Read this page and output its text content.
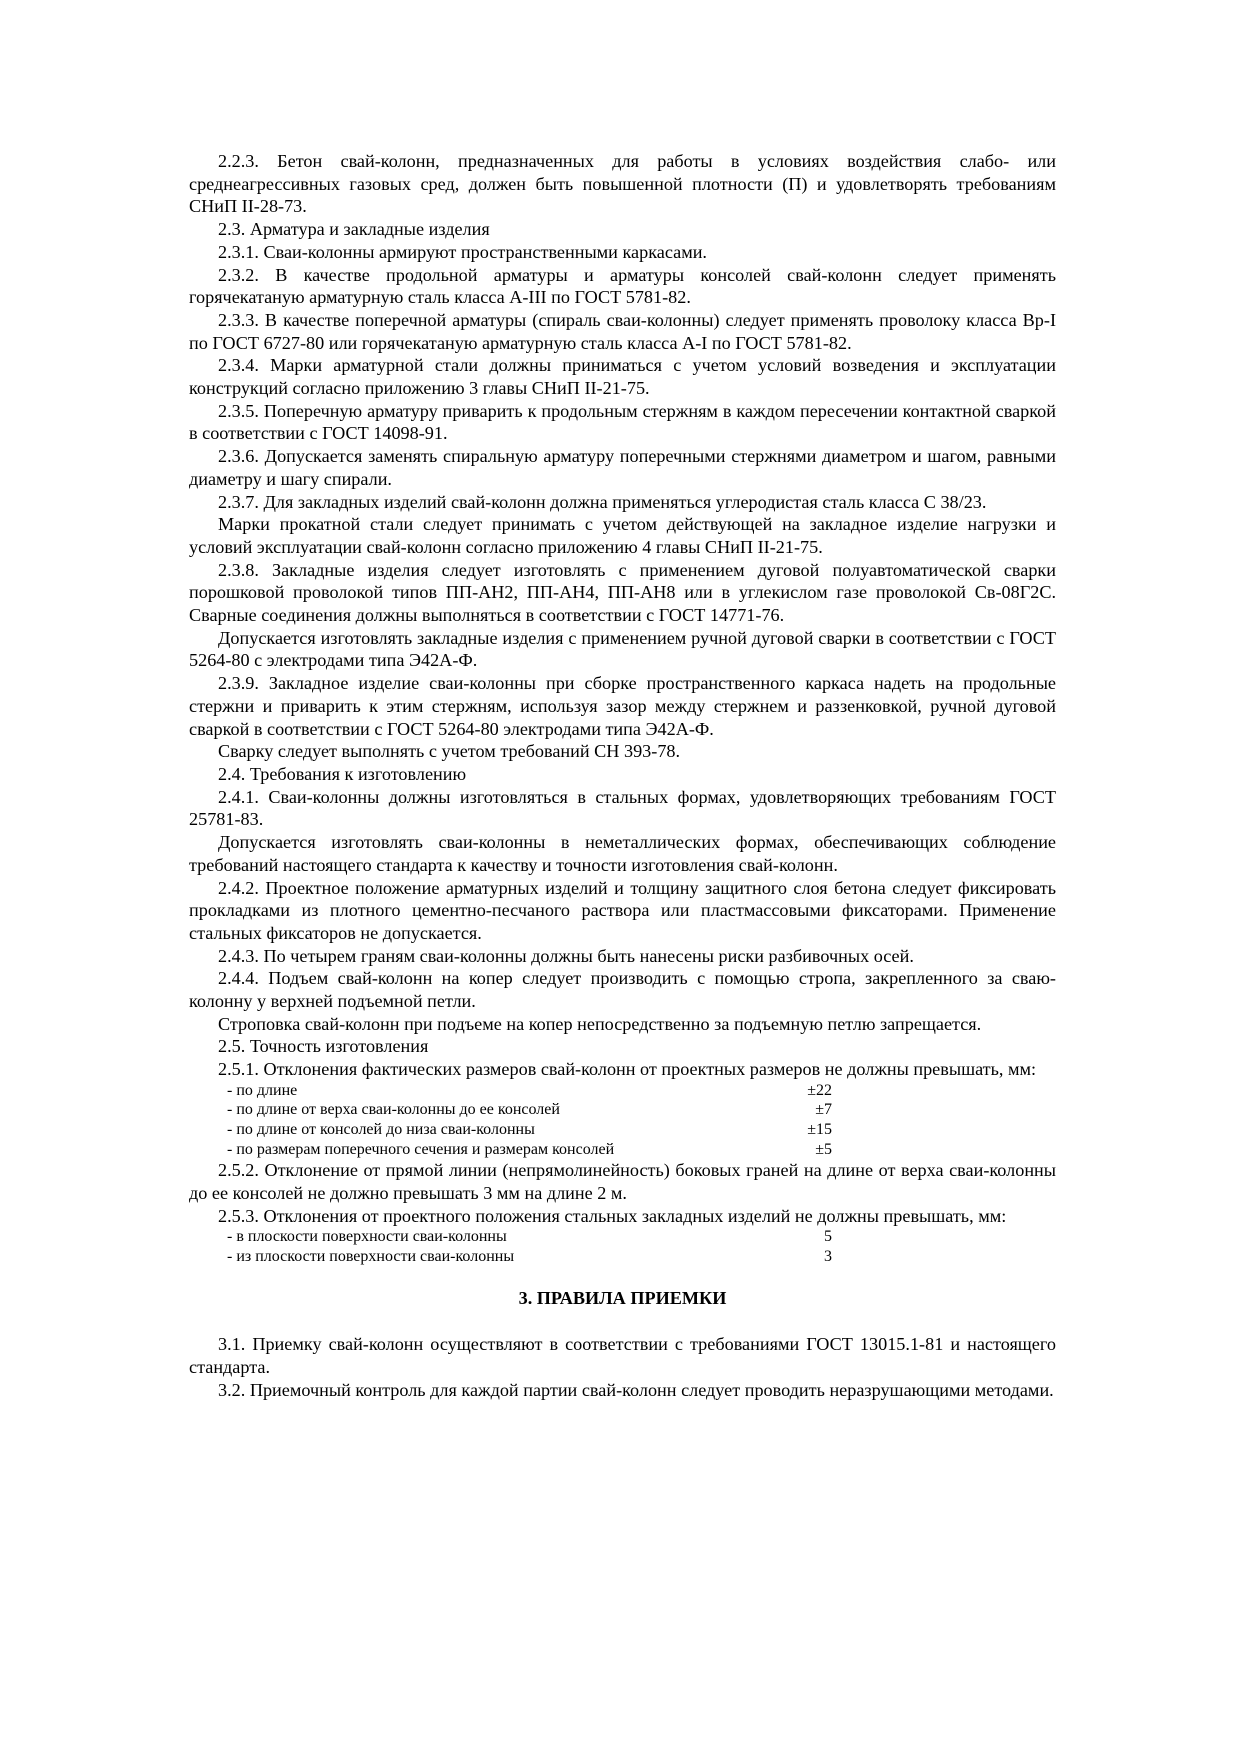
2.2.3. Бетон свай-колонн, предназначенных для работы в условиях воздействия слабо- или среднеагрессивных газовых сред, должен быть повышенной плотности (П) и удовлетворять требованиям СНиП II-28-73.

2.3. Арматура и закладные изделия

2.3.1. Сваи-колонны армируют пространственными каркасами.

2.3.2. В качестве продольной арматуры и арматуры консолей свай-колонн следует применять горячекатаную арматурную сталь класса A-III по ГОСТ 5781-82.

2.3.3. В качестве поперечной арматуры (спираль сваи-колонны) следует применять проволоку класса Вр-I по ГОСТ 6727-80 или горячекатаную арматурную сталь класса A-I по ГОСТ 5781-82.

2.3.4. Марки арматурной стали должны приниматься с учетом условий возведения и эксплуатации конструкций согласно приложению 3 главы СНиП II-21-75.

2.3.5. Поперечную арматуру приварить к продольным стержням в каждом пересечении контактной сваркой в соответствии с ГОСТ 14098-91.

2.3.6. Допускается заменять спиральную арматуру поперечными стержнями диаметром и шагом, равными диаметру и шагу спирали.

2.3.7. Для закладных изделий свай-колонн должна применяться углеродистая сталь класса С 38/23.

Марки прокатной стали следует принимать с учетом действующей на закладное изделие нагрузки и условий эксплуатации свай-колонн согласно приложению 4 главы СНиП II-21-75.

2.3.8. Закладные изделия следует изготовлять с применением дуговой полуавтоматической сварки порошковой проволокой типов ПП-АН2, ПП-АН4, ПП-АН8 или в углекислом газе проволокой Св-08Г2С. Сварные соединения должны выполняться в соответствии с ГОСТ 14771-76.

Допускается изготовлять закладные изделия с применением ручной дуговой сварки в соответствии с ГОСТ 5264-80 с электродами типа Э42А-Ф.

2.3.9. Закладное изделие сваи-колонны при сборке пространственного каркаса надеть на продольные стержни и приварить к этим стержням, используя зазор между стержнем и раззенковкой, ручной дуговой сваркой в соответствии с ГОСТ 5264-80 электродами типа Э42А-Ф.

Сварку следует выполнять с учетом требований СН 393-78.

2.4. Требования к изготовлению

2.4.1. Сваи-колонны должны изготовляться в стальных формах, удовлетворяющих требованиям ГОСТ 25781-83.

Допускается изготовлять сваи-колонны в неметаллических формах, обеспечивающих соблюдение требований настоящего стандарта к качеству и точности изготовления свай-колонн.

2.4.2. Проектное положение арматурных изделий и толщину защитного слоя бетона следует фиксировать прокладками из плотного цементно-песчаного раствора или пластмассовыми фиксаторами. Применение стальных фиксаторов не допускается.

2.4.3. По четырем граням сваи-колонны должны быть нанесены риски разбивочных осей.

2.4.4. Подъем свай-колонн на копер следует производить с помощью стропа, закрепленного за сваю-колонну у верхней подъемной петли.

Строповка свай-колонн при подъеме на копер непосредственно за подъемную петлю запрещается.

2.5. Точность изготовления

2.5.1. Отклонения фактических размеров свай-колонн от проектных размеров не должны превышать, мм:

- по длине	±22
- по длине от верха сваи-колонны до ее консолей	±7
- по длине от консолей до низа сваи-колонны	±15
- по размерам поперечного сечения и размерам консолей	±5

2.5.2. Отклонение от прямой линии (непрямолинейность) боковых граней на длине от верха сваи-колонны до ее консолей не должно превышать 3 мм на длине 2 м.

2.5.3. Отклонения от проектного положения стальных закладных изделий не должны превышать, мм:

- в плоскости поверхности сваи-колонны	5
- из плоскости поверхности сваи-колонны	3
3. ПРАВИЛА ПРИЕМКИ

3.1. Приемку свай-колонн осуществляют в соответствии с требованиями ГОСТ 13015.1-81 и настоящего стандарта.

3.2. Приемочный контроль для каждой партии свай-колонн следует проводить неразрушающими методами.
